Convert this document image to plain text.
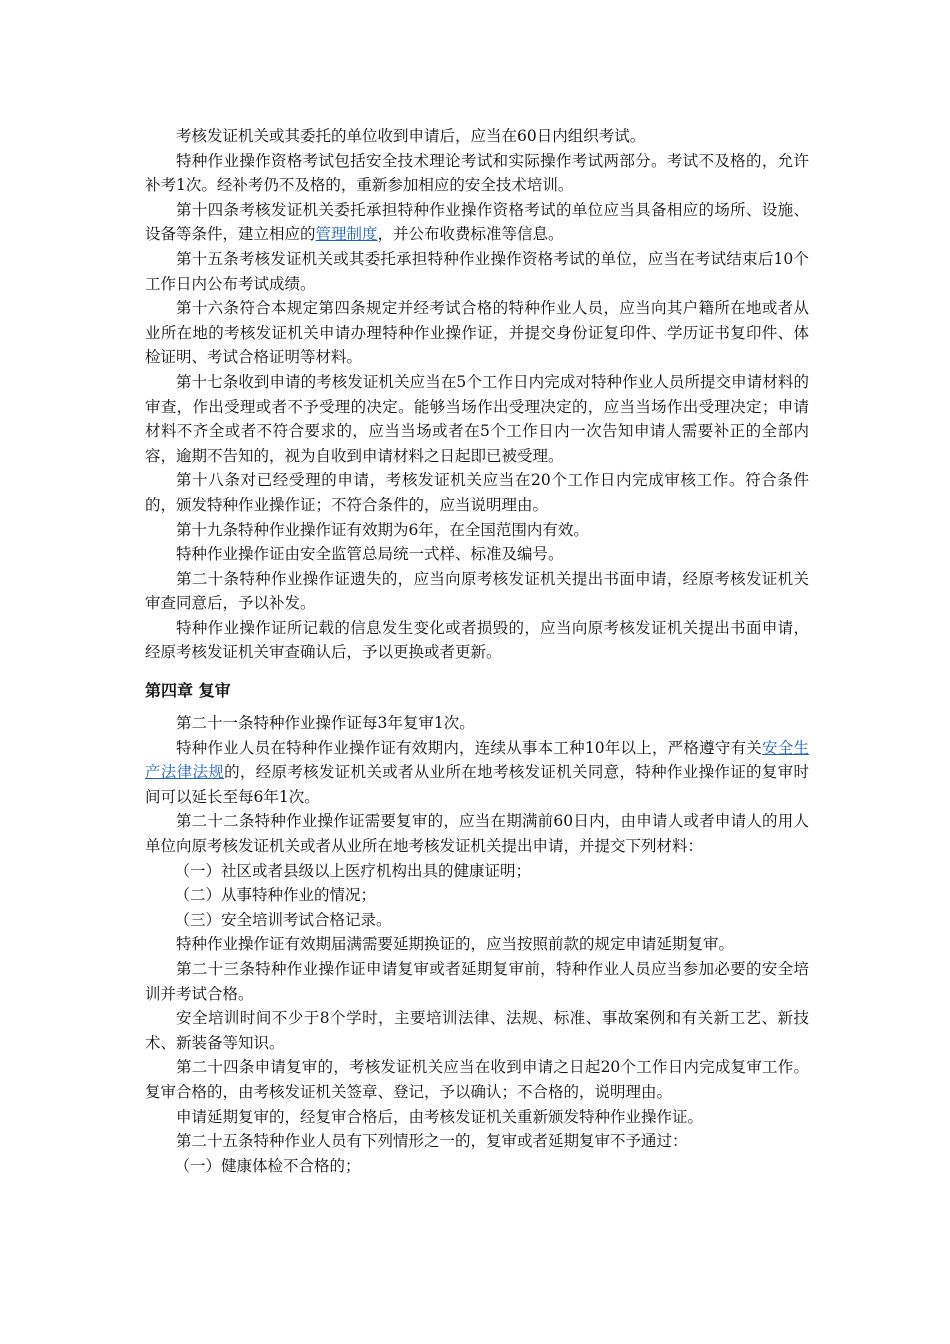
考核发证机关或其委托的单位收到申请后，应当在60日内组织考试。

特种作业操作资格考试包括安全技术理论考试和实际操作考试两部分。考试不及格的，允许补考1次。经补考仍不及格的，重新参加相应的安全技术培训。

第十四条考核发证机关委托承担特种作业操作资格考试的单位应当具备相应的场所、设施、设备等条件，建立相应的管理制度，并公布收费标准等信息。

第十五条考核发证机关或其委托承担特种作业操作资格考试的单位，应当在考试结束后10个工作日内公布考试成绩。

第十六条符合本规定第四条规定并经考试合格的特种作业人员，应当向其户籍所在地或者从业所在地的考核发证机关申请办理特种作业操作证，并提交身份证复印件、学历证书复印件、体检证明、考试合格证明等材料。

第十七条收到申请的考核发证机关应当在5个工作日内完成对特种作业人员所提交申请材料的审查，作出受理或者不予受理的决定。能够当场作出受理决定的，应当当场作出受理决定；申请材料不齐全或者不符合要求的，应当当场或者在5个工作日内一次告知申请人需要补正的全部内容，逾期不告知的，视为自收到申请材料之日起即已被受理。

第十八条对已经受理的申请，考核发证机关应当在20个工作日内完成审核工作。符合条件的，颁发特种作业操作证；不符合条件的，应当说明理由。

第十九条特种作业操作证有效期为6年，在全国范围内有效。

特种作业操作证由安全监管总局统一式样、标准及编号。

第二十条特种作业操作证遗失的，应当向原考核发证机关提出书面申请，经原考核发证机关审查同意后，予以补发。

特种作业操作证所记载的信息发生变化或者损毁的，应当向原考核发证机关提出书面申请，经原考核发证机关审查确认后，予以更换或者更新。

第四章 复审

第二十一条特种作业操作证每3年复审1次。

特种作业人员在特种作业操作证有效期内，连续从事本工种10年以上，严格遵守有关安全生产法律法规的，经原考核发证机关或者从业所在地考核发证机关同意，特种作业操作证的复审时间可以延长至每6年1次。

第二十二条特种作业操作证需要复审的，应当在期满前60日内，由申请人或者申请人的用人单位向原考核发证机关或者从业所在地考核发证机关提出申请，并提交下列材料：

（一）社区或者县级以上医疗机构出具的健康证明；

（二）从事特种作业的情况；

（三）安全培训考试合格记录。

特种作业操作证有效期届满需要延期换证的，应当按照前款的规定申请延期复审。

第二十三条特种作业操作证申请复审或者延期复审前，特种作业人员应当参加必要的安全培训并考试合格。

安全培训时间不少于8个学时，主要培训法律、法规、标准、事故案例和有关新工艺、新技术、新装备等知识。

第二十四条申请复审的，考核发证机关应当在收到申请之日起20个工作日内完成复审工作。复审合格的，由考核发证机关签章、登记，予以确认；不合格的，说明理由。

申请延期复审的，经复审合格后，由考核发证机关重新颁发特种作业操作证。

第二十五条特种作业人员有下列情形之一的，复审或者延期复审不予通过：

（一）健康体检不合格的；
